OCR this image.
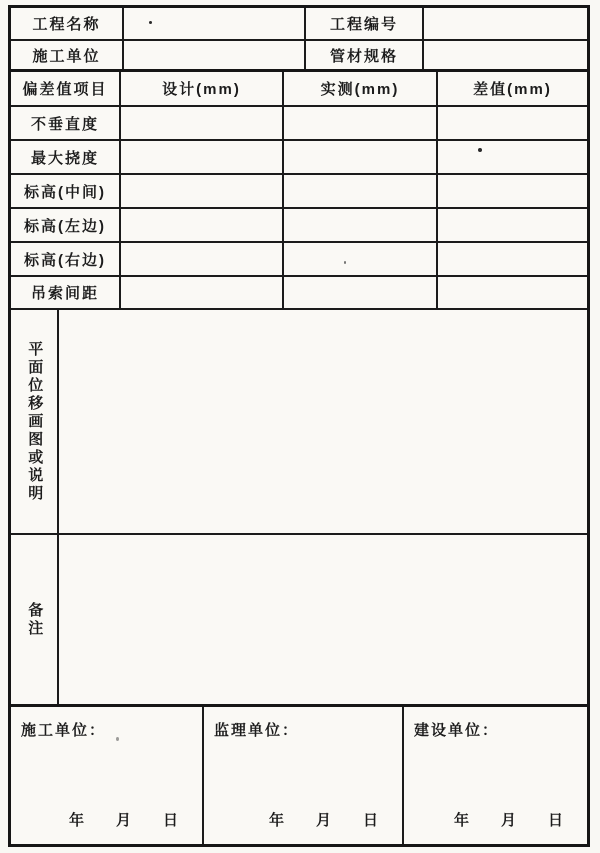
工程名称	工程编号
施工单位	管材规格
偏差值项目	设计(mm)	实测(mm)	差值(mm)
不垂直度
最大挠度
标高(中间)
标高(左边)
标高(右边)
吊索间距
平面位移画图或说明
备注
施工单位：
年 月 日
监理单位：
年 月 日
建设单位：
年 月 日
